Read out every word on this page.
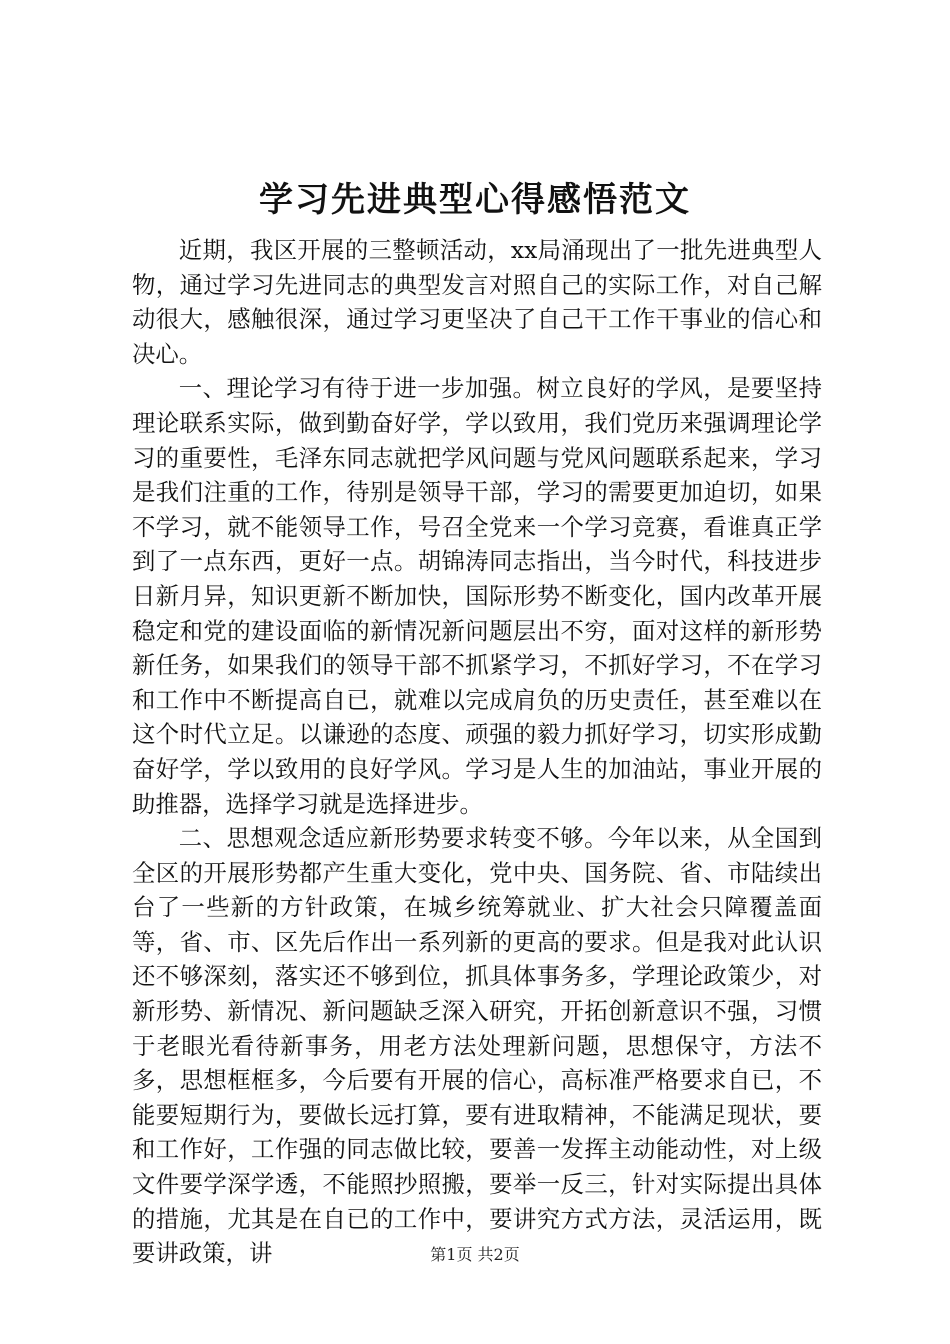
学习先进典型心得感悟范文

近期，我区开展的三整顿活动，xx局涌现出了一批先进典型人物，通过学习先进同志的典型发言对照自己的实际工作，对自己解动很大，感触很深，通过学习更坚决了自己干工作干事业的信心和决心。

一、理论学习有待于进一步加强。树立良好的学风，是要坚持理论联系实际，做到勤奋好学，学以致用，我们党历来强调理论学习的重要性，毛泽东同志就把学风问题与党风问题联系起来，学习是我们注重的工作，待别是领导干部，学习的需要更加迫切，如果不学习，就不能领导工作，号召全党来一个学习竞赛，看谁真正学到了一点东西，更好一点。胡锦涛同志指出，当今时代，科技进步日新月异，知识更新不断加快，国际形势不断变化，国内改革开展稳定和党的建设面临的新情况新问题层出不穷，面对这样的新形势新任务，如果我们的领导干部不抓紧学习，不抓好学习，不在学习和工作中不断提高自已，就难以完成肩负的历史责任，甚至难以在这个时代立足。以谦逊的态度、顽强的毅力抓好学习，切实形成勤奋好学，学以致用的良好学风。学习是人生的加油站，事业开展的助推器，选择学习就是选择进步。

二、思想观念适应新形势要求转变不够。今年以来，从全国到全区的开展形势都产生重大变化，党中央、国务院、省、市陆续出台了一些新的方针政策，在城乡统筹就业、扩大社会只障覆盖面等，省、市、区先后作出一系列新的更高的要求。但是我对此认识还不够深刻，落实还不够到位，抓具体事务多，学理论政策少，对新形势、新情况、新问题缺乏深入研究，开拓创新意识不强，习惯于老眼光看待新事务，用老方法处理新问题，思想保守，方法不多，思想框框多，今后要有开展的信心，高标准严格要求自已，不能要短期行为，要做长远打算，要有进取精神，不能满足现状，要和工作好，工作强的同志做比较，要善一发挥主动能动性，对上级文件要学深学透，不能照抄照搬，要举一反三，针对实际提出具体的措施，尤其是在自已的工作中，要讲究方式方法，灵活运用，既要讲政策，讲	第1页 共2页
